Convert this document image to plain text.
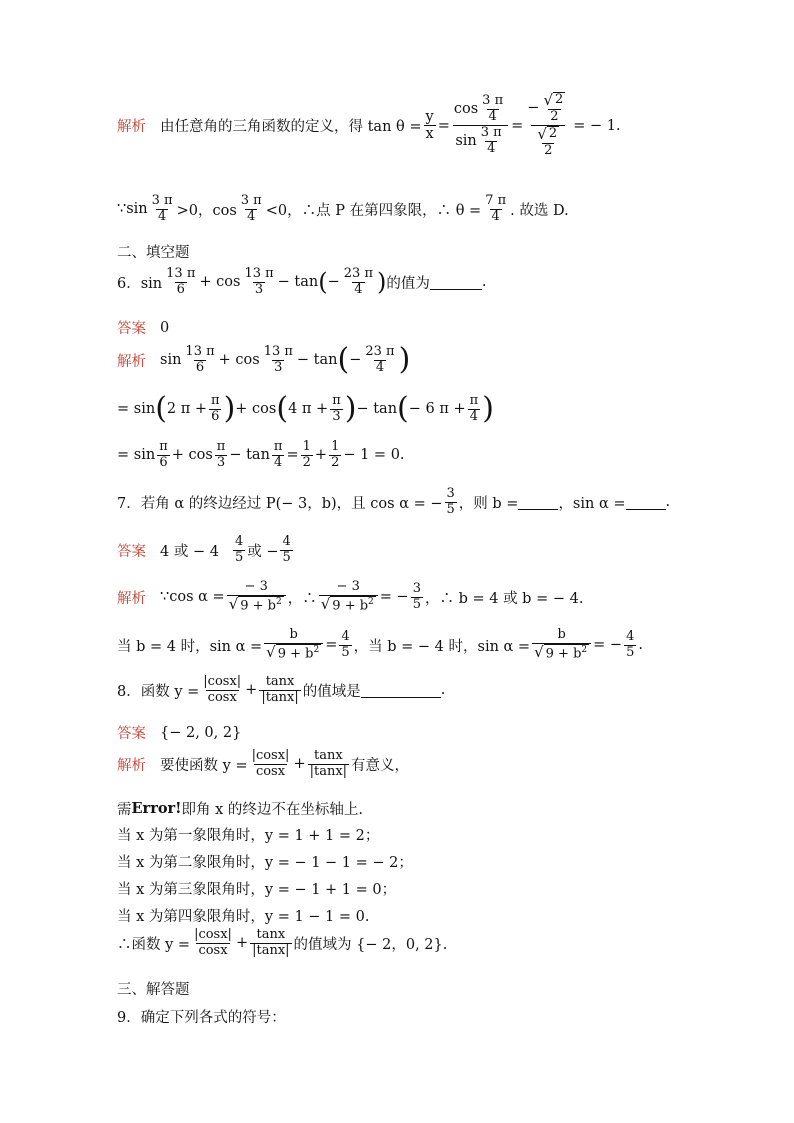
解析 由任意角的三角函数的定义，得 $\tan \theta = \frac{y}{x} = \frac{\cos \frac{3 \pi}{4}}{\sin \frac{3 \pi}{4}} = \frac{- \frac{√ 2}{2}}{\frac{√ 2}{2}}$ = − 1.
∵sin $\frac{3 \pi}{4} >0$，$\cos \frac{3 \pi}{4} <0$，∴点 P 在第四象限，∴ $\theta = \frac{7 \pi}{4}$ . 故选 D.
二、填空题
6．$\sin \frac{13 \pi}{6} + \cos \frac{13 \pi}{3} - \tan$ ( − $\frac{23 \pi}{4}$ ) 的值为	.
答案 0
解析 $\sin \frac{13 \pi}{6} + \cos \frac{13 \pi}{3} - \tan$ ( − $\frac{23 \pi}{4}$ )
= sin ( 2 $\pi + \frac{\pi}{6}$ ) + cos ( 4 $\pi + \frac{\pi}{3}$ ) − tan ( − 6 $\pi + \frac{\pi}{4}$ )
= $\sin \frac{\pi}{6} + \cos \frac{\pi}{3} - \tan \frac{\pi}{4} = \frac{1}{2} + \frac{1}{2} - 1 = 0$.
7．若角 α 的终边经过 P(− 3，b)，且 cos α = − $\frac{3}{5}$ ，则 b =	，sin α =	.
答案 4 或 − $4 \frac{4}{5}$ 或 − $\frac{4}{5}$
解析 ∵cos $\alpha = \frac{- 3}{√ 9 + b^2}$ ，∴ $\frac{- 3}{√ 9 + b^2}$ = − $\frac{3}{5}$ ，∴ b = 4 或 b = − 4.
当 b = 4 时，$\sin \alpha = \frac{b}{√ 9 + b^2} = \frac{4}{5}$ ，当 b = − 4 时，$\sin \alpha = \frac{b}{√ 9 + b^2}$ = − $\frac{4}{5}$ .
8．函数 $y = \frac{|\cos x|}{\cos x} + \frac{\tan x}{|\tan x|}$ 的值域是	.
答案 {− 2, 0, 2}
解析 要使函数 $y = \frac{|\cos x|}{\cos x} + \frac{\tan x}{|\tan x|}$ 有意义，
需 Error! 即角 x 的终边不在坐标轴上.
当 x 为第一象限角时，y = 1 + 1 = 2；
当 x 为第二象限角时，y = − 1 − 1 = − 2；
当 x 为第三象限角时，y = − 1 + 1 = 0；
当 x 为第四象限角时，y = 1 − 1 = 0.
∴函数 $y = \frac{|\cos x|}{\cos x} + \frac{\tan x}{|\tan x|}$ 的值域为 {− 2，0, 2}.
三、解答题
9．确定下列各式的符号：
